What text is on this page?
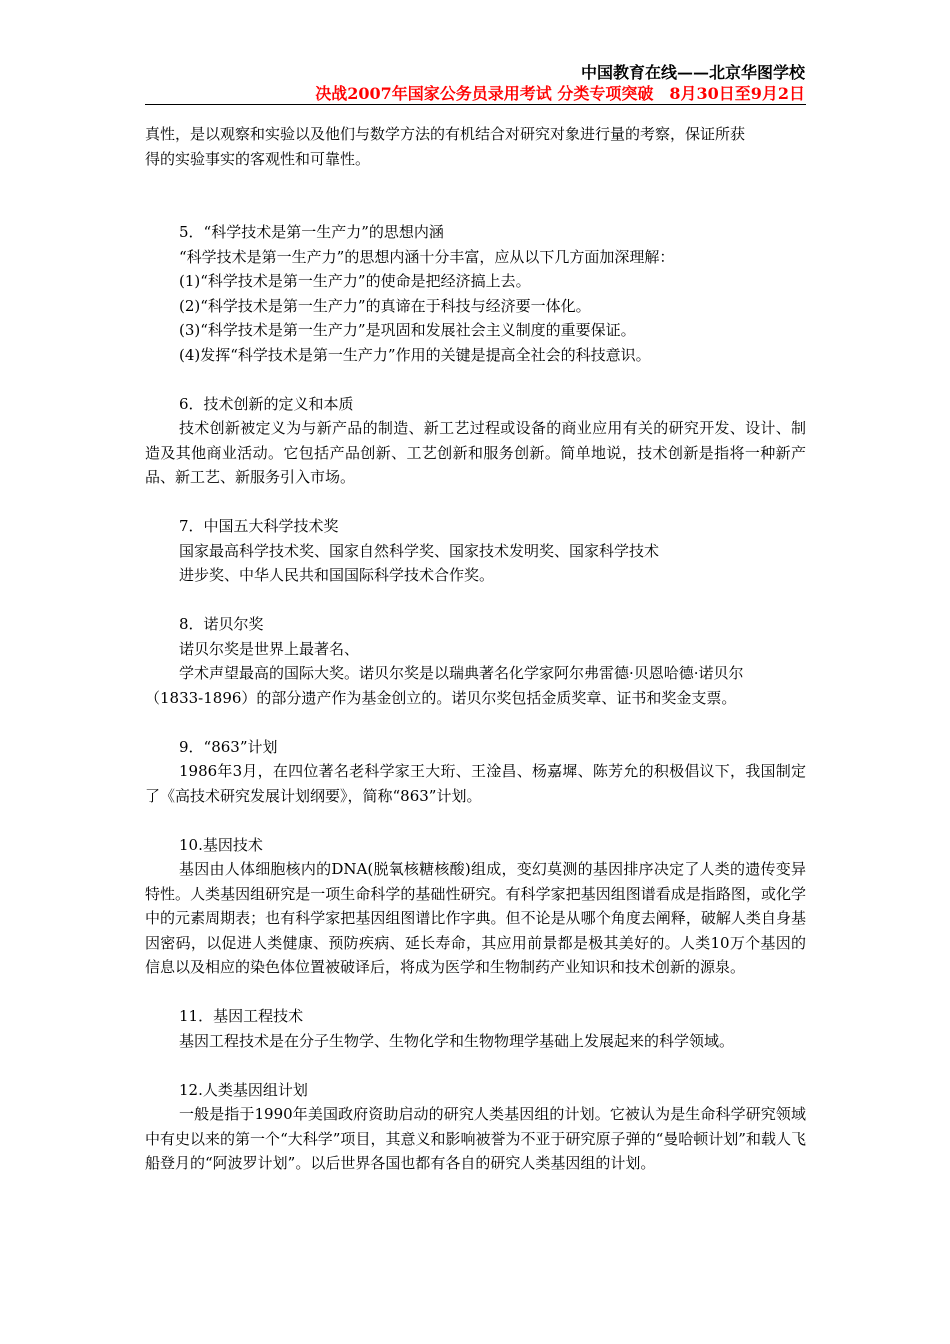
中国教育在线——北京华图学校
决战2007年国家公务员录用考试 分类专项突破　8月30日至9月2日

真性，是以观察和实验以及他们与数学方法的有机结合对研究对象进行量的考察，保证所获

得的实验事实的客观性和可靠性。

5．“科学技术是第一生产力”的思想内涵

“科学技术是第一生产力”的思想内涵十分丰富，应从以下几方面加深理解：

(1)“科学技术是第一生产力”的使命是把经济搞上去。

(2)“科学技术是第一生产力”的真谛在于科技与经济要一体化。

(3)“科学技术是第一生产力”是巩固和发展社会主义制度的重要保证。

(4)发挥“科学技术是第一生产力”作用的关键是提高全社会的科技意识。

6．技术创新的定义和本质

技术创新被定义为与新产品的制造、新工艺过程或设备的商业应用有关的研究开发、设计、制造及其他商业活动。它包括产品创新、工艺创新和服务创新。简单地说，技术创新是指将一种新产品、新工艺、新服务引入市场。

7．中国五大科学技术奖

国家最高科学技术奖、国家自然科学奖、国家技术发明奖、国家科学技术

进步奖、中华人民共和国国际科学技术合作奖。

8．诺贝尔奖

诺贝尔奖是世界上最著名、

学术声望最高的国际大奖。诺贝尔奖是以瑞典著名化学家阿尔弗雷德·贝恩哈德·诺贝尔

（1833-1896）的部分遗产作为基金创立的。诺贝尔奖包括金质奖章、证书和奖金支票。

9．“863”计划

1986年3月，在四位著名老科学家王大珩、王淦昌、杨嘉墀、陈芳允的积极倡议下，我国制定了《高技术研究发展计划纲要》，简称“863”计划。

10.基因技术

基因由人体细胞核内的DNA(脱氧核糖核酸)组成，变幻莫测的基因排序决定了人类的遗传变异特性。人类基因组研究是一项生命科学的基础性研究。有科学家把基因组图谱看成是指路图，或化学中的元素周期表；也有科学家把基因组图谱比作字典。但不论是从哪个角度去阐释，破解人类自身基因密码，以促进人类健康、预防疾病、延长寿命，其应用前景都是极其美好的。人类10万个基因的信息以及相应的染色体位置被破译后，将成为医学和生物制药产业知识和技术创新的源泉。

11．基因工程技术

基因工程技术是在分子生物学、生物化学和生物物理学基础上发展起来的科学领域。

12.人类基因组计划

一般是指于1990年美国政府资助启动的研究人类基因组的计划。它被认为是生命科学研究领域中有史以来的第一个“大科学”项目，其意义和影响被誉为不亚于研究原子弹的“曼哈顿计划”和载人飞船登月的“阿波罗计划”。以后世界各国也都有各自的研究人类基因组的计划。
